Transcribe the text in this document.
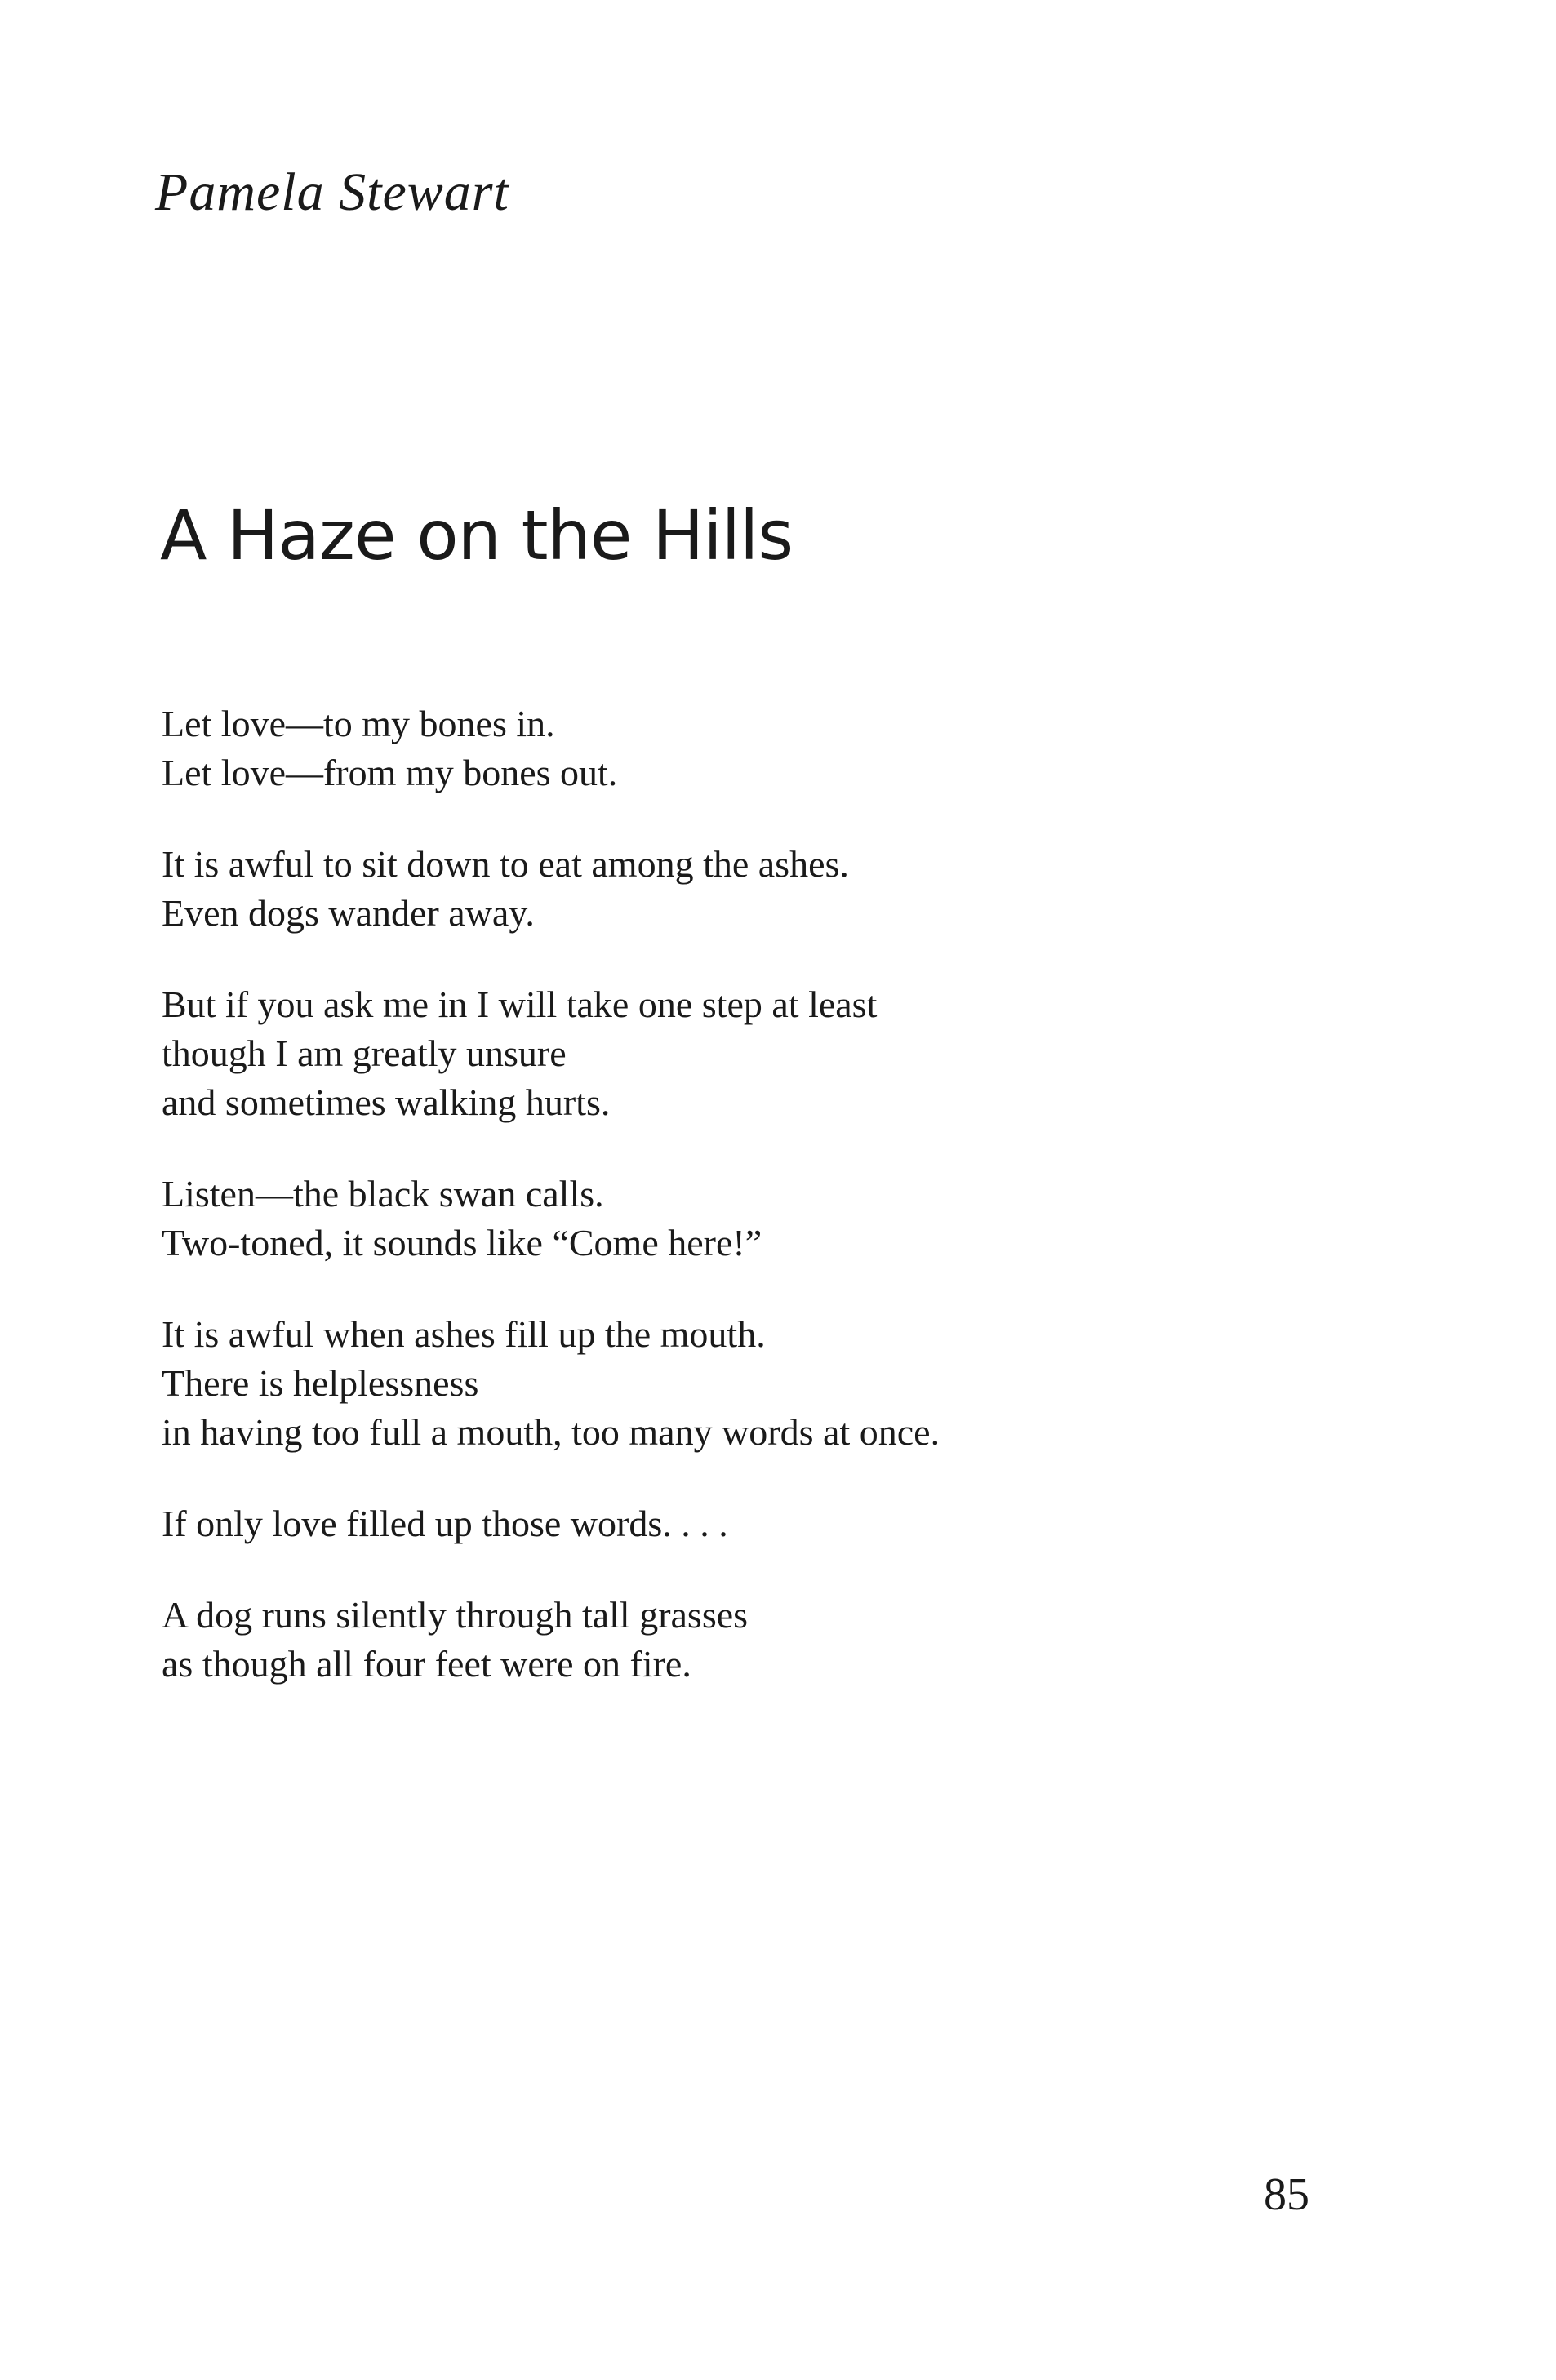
Pamela Stewart
A Haze on the Hills

Let love—to my bones in.
Let love—from my bones out.

It is awful to sit down to eat among the ashes.
Even dogs wander away.

But if you ask me in I will take one step at least
though I am greatly unsure
and sometimes walking hurts.

Listen—the black swan calls.
Two-toned, it sounds like “Come here!”

It is awful when ashes fill up the mouth.
There is helplessness
in having too full a mouth, too many words at once.

If only love filled up those words. . . .

A dog runs silently through tall grasses
as though all four feet were on fire.

85
